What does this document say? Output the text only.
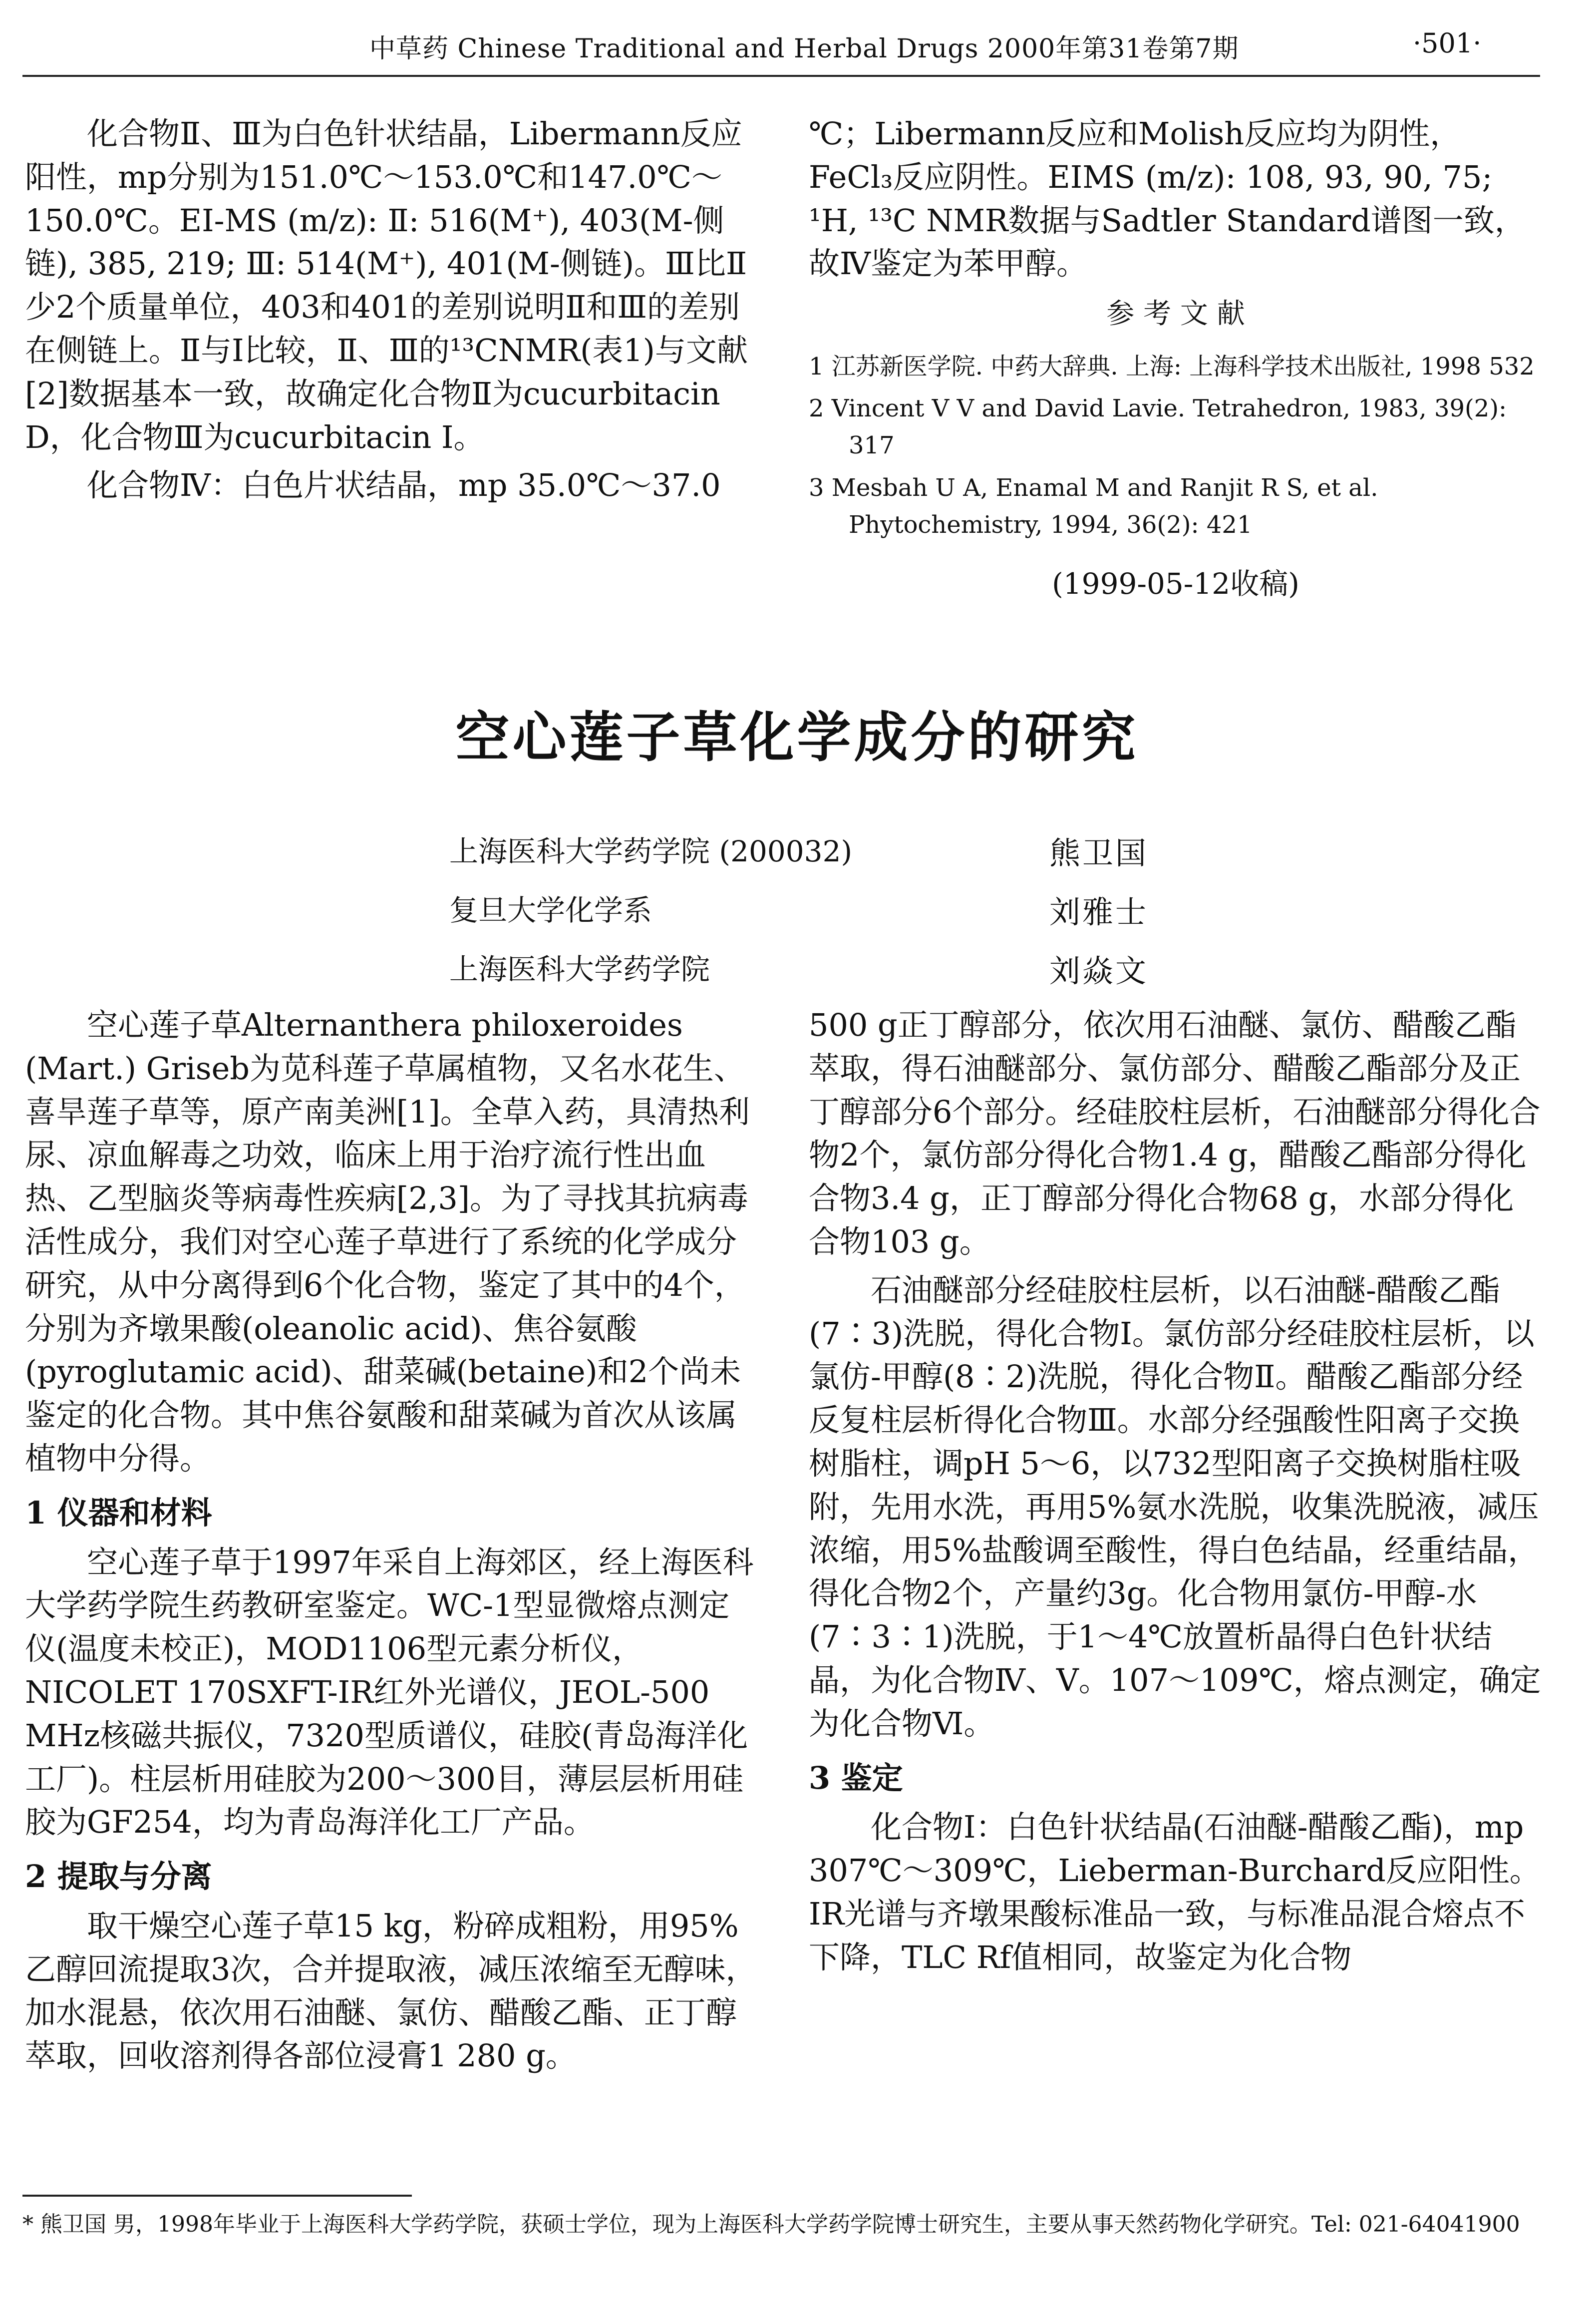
中草药 Chinese Traditional and Herbal Drugs 2000年第31卷第7期	·501·

化合物Ⅱ、Ⅲ为白色针状结晶，Libermann反应阳性，mp分别为151.0℃～153.0℃和147.0℃～150.0℃。EI-MS (m/z): Ⅱ: 516(M⁺), 403(M-侧链), 385, 219; Ⅲ: 514(M⁺), 401(M-侧链)。Ⅲ比Ⅱ少2个质量单位，403和401的差别说明Ⅱ和Ⅲ的差别在侧链上。Ⅱ与Ⅰ比较，Ⅱ、Ⅲ的¹³CNMR(表1)与文献[2]数据基本一致，故确定化合物Ⅱ为cucurbitacin D，化合物Ⅲ为cucurbitacin I。

化合物Ⅳ：白色片状结晶，mp 35.0℃～37.0

℃；Libermann反应和Molish反应均为阴性，FeCl₃反应阴性。EIMS (m/z): 108, 93, 90, 75; ¹H, ¹³C NMR数据与Sadtler Standard谱图一致，故Ⅳ鉴定为苯甲醇。

参 考 文 献

1 江苏新医学院. 中药大辞典. 上海: 上海科学技术出版社, 1998 532

2 Vincent V V and David Lavie. Tetrahedron, 1983, 39(2): 317

3 Mesbah U A, Enamal M and Ranjit R S, et al. Phytochemistry, 1994, 36(2): 421

(1999-05-12收稿)
空心莲子草化学成分的研究
上海医科大学药学院 (200032)	熊卫国
复旦大学化学系	刘雅士
上海医科大学药学院	刘焱文

空心莲子草Alternanthera philoxeroides (Mart.) Griseb为苋科莲子草属植物，又名水花生、喜旱莲子草等，原产南美洲[1]。全草入药，具清热利尿、凉血解毒之功效，临床上用于治疗流行性出血热、乙型脑炎等病毒性疾病[2,3]。为了寻找其抗病毒活性成分，我们对空心莲子草进行了系统的化学成分研究，从中分离得到6个化合物，鉴定了其中的4个，分别为齐墩果酸(oleanolic acid)、焦谷氨酸(pyroglutamic acid)、甜菜碱(betaine)和2个尚未鉴定的化合物。其中焦谷氨酸和甜菜碱为首次从该属植物中分得。

1 仪器和材料

空心莲子草于1997年采自上海郊区，经上海医科大学药学院生药教研室鉴定。WC-1型显微熔点测定仪(温度未校正)，MOD1106型元素分析仪，NICOLET 170SXFT-IR红外光谱仪，JEOL-500 MHz核磁共振仪，7320型质谱仪，硅胶(青岛海洋化工厂)。柱层析用硅胶为200～300目，薄层层析用硅胶为GF254，均为青岛海洋化工厂产品。

2 提取与分离

取干燥空心莲子草15 kg，粉碎成粗粉，用95%乙醇回流提取3次，合并提取液，减压浓缩至无醇味，加水混悬，依次用石油醚、氯仿、醋酸乙酯、正丁醇萃取，回收溶剂得各部位浸膏1 280 g。

500 g正丁醇部分，依次用石油醚、氯仿、醋酸乙酯萃取，得石油醚部分、氯仿部分、醋酸乙酯部分及正丁醇部分6个部分。经硅胶柱层析，石油醚部分得化合物2个，氯仿部分得化合物1.4 g，醋酸乙酯部分得化合物3.4 g，正丁醇部分得化合物68 g，水部分得化合物103 g。

石油醚部分经硅胶柱层析，以石油醚-醋酸乙酯(7∶3)洗脱，得化合物Ⅰ。氯仿部分经硅胶柱层析，以氯仿-甲醇(8∶2)洗脱，得化合物Ⅱ。醋酸乙酯部分经反复柱层析得化合物Ⅲ。水部分经强酸性阳离子交换树脂柱，调pH 5～6，以732型阳离子交换树脂柱吸附，先用水洗，再用5%氨水洗脱，收集洗脱液，减压浓缩，用5%盐酸调至酸性，得白色结晶，经重结晶，得化合物2个，产量约3g。化合物用氯仿-甲醇-水(7∶3∶1)洗脱，于1～4℃放置析晶得白色针状结晶，为化合物Ⅳ、Ⅴ。107～109℃，熔点测定，确定为化合物Ⅵ。

3 鉴定

化合物Ⅰ：白色针状结晶(石油醚-醋酸乙酯)，mp 307℃～309℃，Lieberman-Burchard反应阳性。IR光谱与齐墩果酸标准品一致，与标准品混合熔点不下降，TLC Rf值相同，故鉴定为化合物

* 熊卫国 男，1998年毕业于上海医科大学药学院，获硕士学位，现为上海医科大学药学院博士研究生，主要从事天然药物化学研究。Tel: 021-64041900
